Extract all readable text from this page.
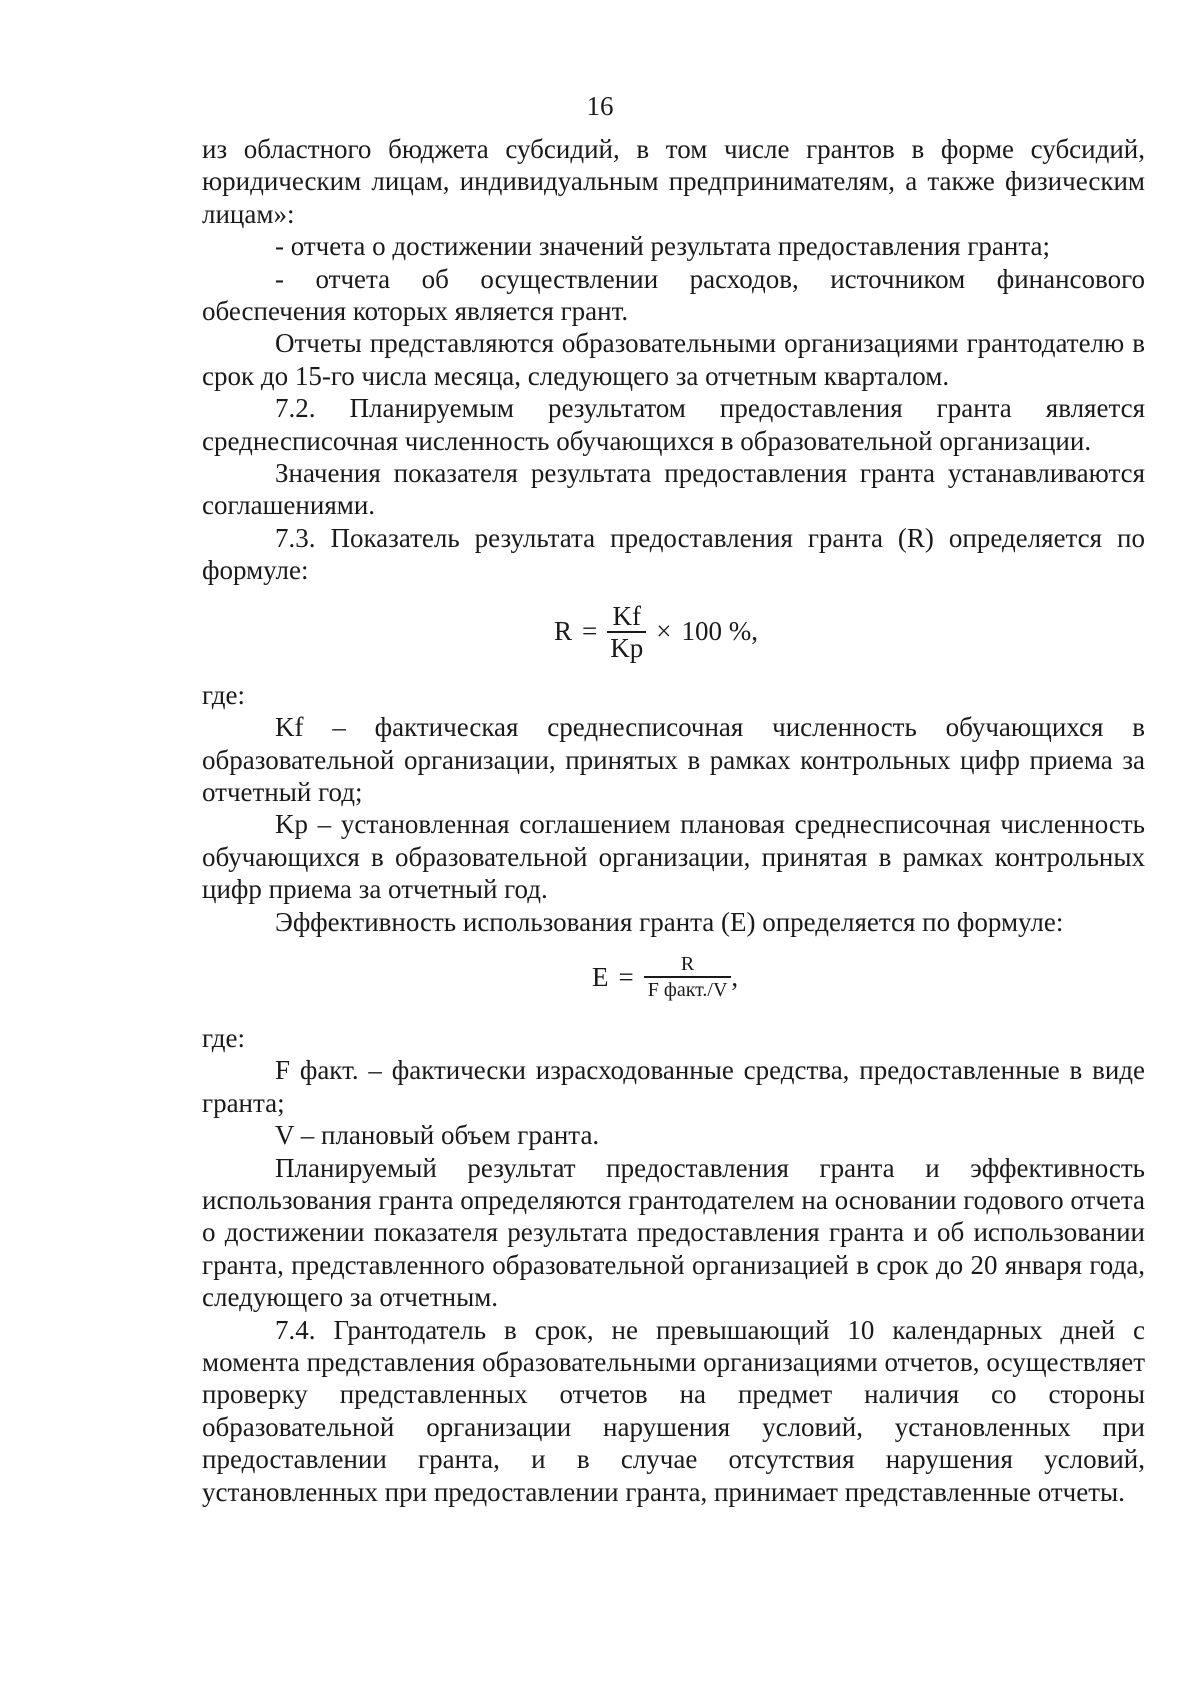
16

из областного бюджета субсидий, в том числе грантов в форме субсидий, юридическим лицам, индивидуальным предпринимателям, а также физическим лицам»:

- отчета о достижении значений результата предоставления гранта;

- отчета об осуществлении расходов, источником финансового обеспечения которых является грант.

Отчеты представляются образовательными организациями грантодателю в срок до 15-го числа месяца, следующего за отчетным кварталом.

7.2. Планируемым результатом предоставления гранта является среднесписочная численность обучающихся в образовательной организации.

Значения показателя результата предоставления гранта устанавливаются соглашениями.

7.3. Показатель результата предоставления гранта (R) определяется по формуле:

$R = \frac{Kf}{Kp} \times 100$ %,

где:

Kf – фактическая среднесписочная численность обучающихся в образовательной организации, принятых в рамках контрольных цифр приема за отчетный год;

Kp – установленная соглашением плановая среднесписочная численность обучающихся в образовательной организации, принятая в рамках контрольных цифр приема за отчетный год.

Эффективность использования гранта (E) определяется по формуле:

$E = \frac{R}{\text{F факт./V}}$ ,

где:

F факт. – фактически израсходованные средства, предоставленные в виде гранта;

V – плановый объем гранта.

Планируемый результат предоставления гранта и эффективность использования гранта определяются грантодателем на основании годового отчета о достижении показателя результата предоставления гранта и об использовании гранта, представленного образовательной организацией в срок до 20 января года, следующего за отчетным.

7.4. Грантодатель в срок, не превышающий 10 календарных дней с момента представления образовательными организациями отчетов, осуществляет проверку представленных отчетов на предмет наличия со стороны образовательной организации нарушения условий, установленных при предоставлении гранта, и в случае отсутствия нарушения условий, установленных при предоставлении гранта, принимает представленные отчеты.
